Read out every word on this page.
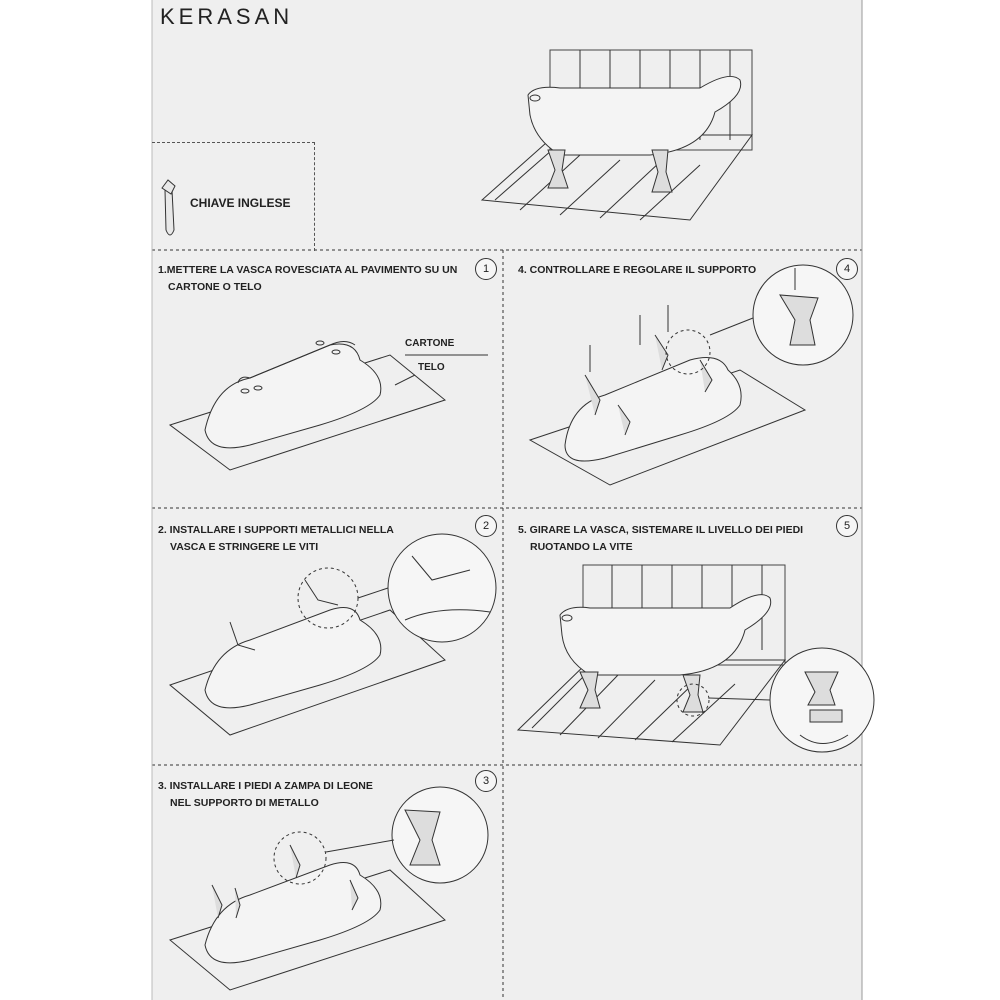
KERASAN
CHIAVE INGLESE
1.METTERE LA VASCA ROVESCIATA AL PAVIMENTO SU UN
CARTONE O TELO
1
CARTONE
TELO
4. CONTROLLARE E REGOLARE IL SUPPORTO	4
2. INSTALLARE I SUPPORTI METALLICI NELLA
VASCA E STRINGERE LE VITI
2	5. GIRARE LA VASCA, SISTEMARE IL LIVELLO DEI PIEDI
RUOTANDO LA VITE
5
3. INSTALLARE I PIEDI A ZAMPA DI LEONE
NEL SUPPORTO DI METALLO
3
